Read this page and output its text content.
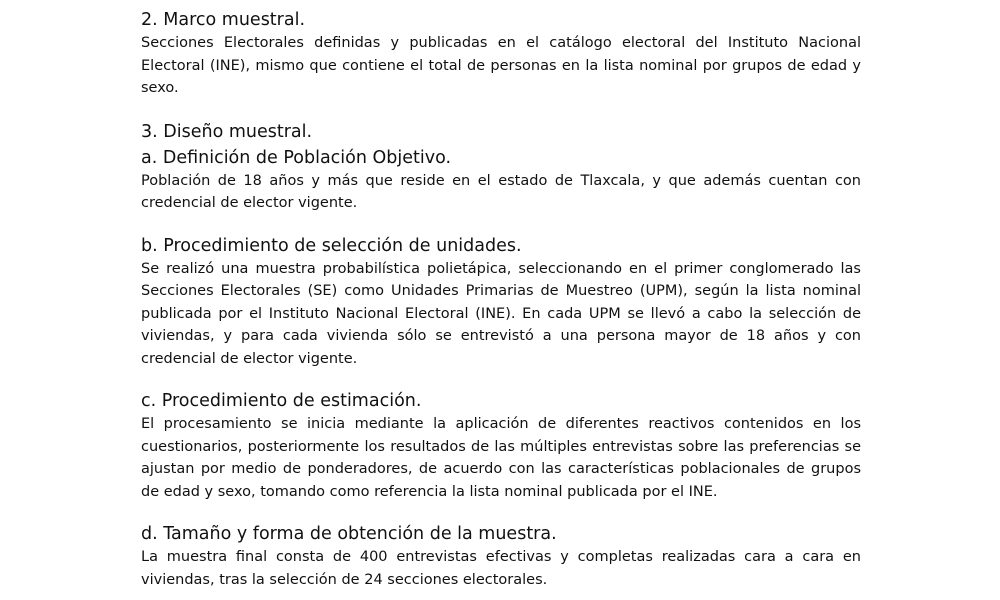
2. Marco muestral.

Secciones Electorales definidas y publicadas en el catálogo electoral del Instituto Nacional Electoral (INE), mismo que contiene el total de personas en la lista nominal por grupos de edad y sexo.

3. Diseño muestral.
a. Definición de Población Objetivo.

Población de 18 años y más que reside en el estado de Tlaxcala, y que además cuentan con credencial de elector vigente.

b. Procedimiento de selección de unidades.

Se realizó una muestra probabilística polietápica, seleccionando en el primer conglomerado las Secciones Electorales (SE) como Unidades Primarias de Muestreo (UPM), según la lista nominal publicada por el Instituto Nacional Electoral (INE). En cada UPM se llevó a cabo la selección de viviendas, y para cada vivienda sólo se entrevistó a una persona mayor de 18 años y con credencial de elector vigente.

c. Procedimiento de estimación.

El procesamiento se inicia mediante la aplicación de diferentes reactivos contenidos en los cuestionarios, posteriormente los resultados de las múltiples entrevistas sobre las preferencias se ajustan por medio de ponderadores, de acuerdo con las características poblacionales de grupos de edad y sexo, tomando como referencia la lista nominal publicada por el INE.

d. Tamaño y forma de obtención de la muestra.

La muestra final consta de 400 entrevistas efectivas y completas realizadas cara a cara en viviendas, tras la selección de 24 secciones electorales.
